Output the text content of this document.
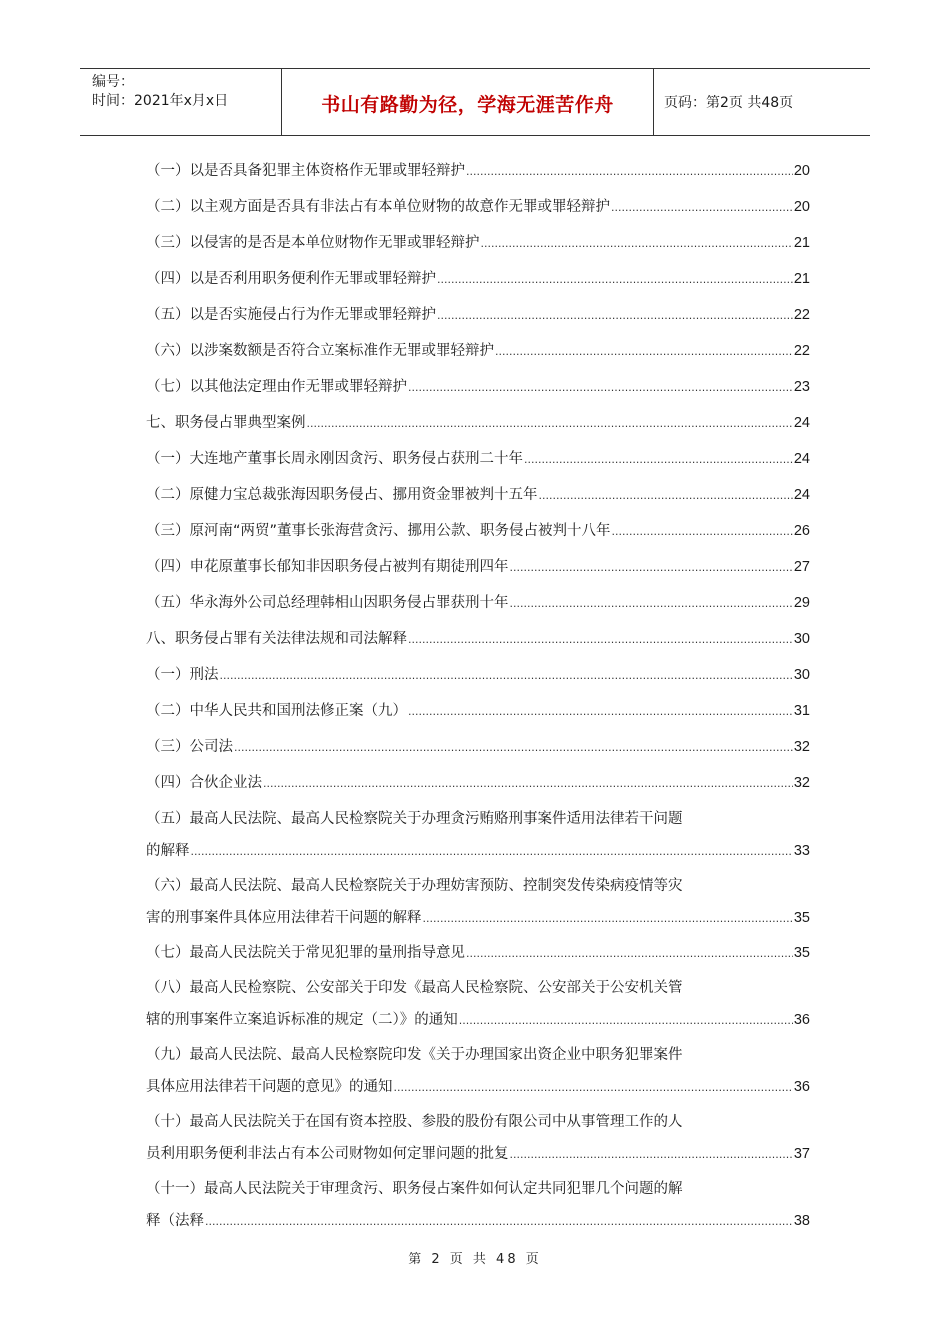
编号：
时间：2021年x月x日	书山有路勤为径，学海无涯苦作舟	页码：第2页 共48页
（一）以是否具备犯罪主体资格作无罪或罪轻辩护 .....	20
（二）以主观方面是否具有非法占有本单位财物的故意作无罪或罪轻辩护 .....	20
（三）以侵害的是否是本单位财物作无罪或罪轻辩护 .....	21
（四）以是否利用职务便利作无罪或罪轻辩护 .....	21
（五）以是否实施侵占行为作无罪或罪轻辩护 .....	22
（六）以涉案数额是否符合立案标准作无罪或罪轻辩护 .....	22
（七）以其他法定理由作无罪或罪轻辩护 .....	23
七、职务侵占罪典型案例 .....	24
（一）大连地产董事长周永刚因贪污、职务侵占获刑二十年 .....	24
（二）原健力宝总裁张海因职务侵占、挪用资金罪被判十五年 .....	24
（三）原河南“两贸”董事长张海营贪污、挪用公款、职务侵占被判十八年 .....	26
（四）申花原董事长郁知非因职务侵占被判有期徒刑四年 .....	27
（五）华永海外公司总经理韩相山因职务侵占罪获刑十年 .....	29
八、职务侵占罪有关法律法规和司法解释 .....	30
（一）刑法 .....	30
（二）中华人民共和国刑法修正案（九） .....	31
（三）公司法 .....	32
（四）合伙企业法 .....	32
（五）最高人民法院、最高人民检察院关于办理贪污贿赂刑事案件适用法律若干问题
的解释 .....	33
（六）最高人民法院、最高人民检察院关于办理妨害预防、控制突发传染病疫情等灾
害的刑事案件具体应用法律若干问题的解释 .....	35
（七）最高人民法院关于常见犯罪的量刑指导意见 .....	35
（八）最高人民检察院、公安部关于印发《最高人民检察院、公安部关于公安机关管
辖的刑事案件立案追诉标准的规定（二）》的通知 .....	36
（九）最高人民法院、最高人民检察院印发《关于办理国家出资企业中职务犯罪案件
具体应用法律若干问题的意见》的通知 .....	36
（十）最高人民法院关于在国有资本控股、参股的股份有限公司中从事管理工作的人
员利用职务便利非法占有本公司财物如何定罪问题的批复 .....	37
（十一）最高人民法院关于审理贪污、职务侵占案件如何认定共同犯罪几个问题的解
释（法释 .....	38
第 2 页 共 48 页
